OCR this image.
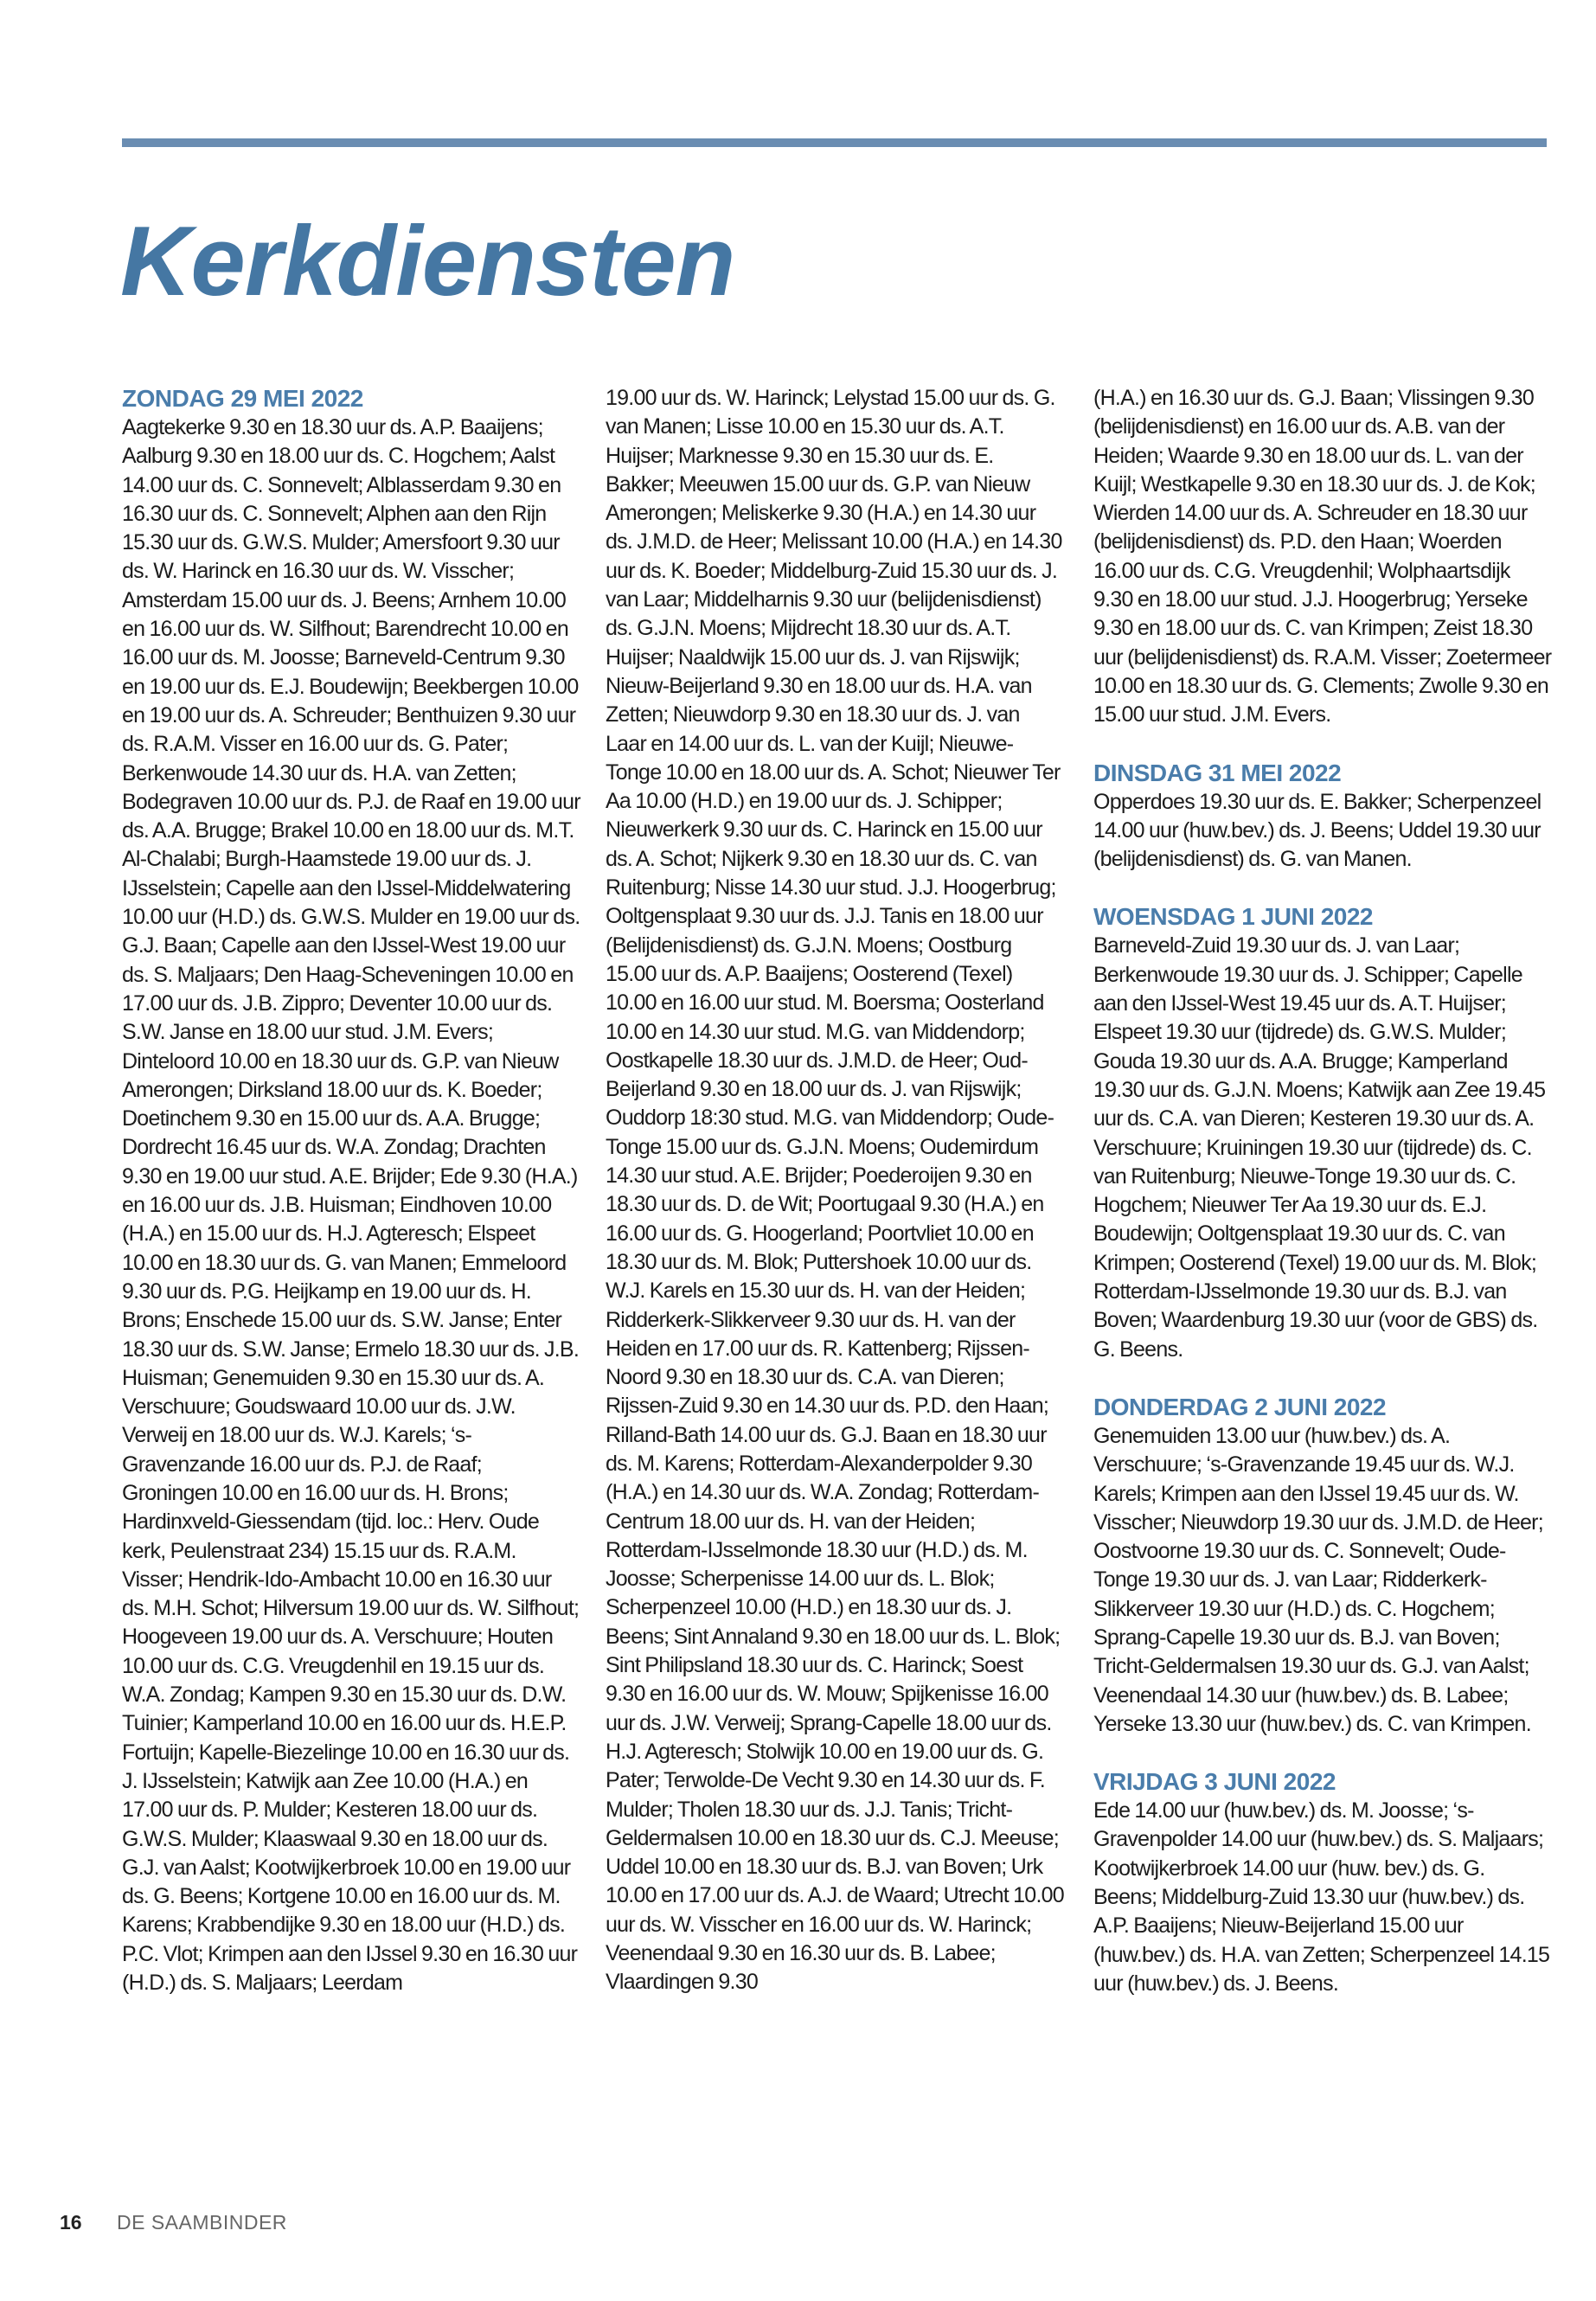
Kerkdiensten
ZONDAG 29 MEI 2022

Aagtekerke 9.30 en 18.30 uur ds. A.P. Baaijens; Aalburg 9.30 en 18.00 uur ds. C. Hogchem; Aalst 14.00 uur ds. C. Sonnevelt; Alblasserdam 9.30 en 16.30 uur ds. C. Sonnevelt; Alphen aan den Rijn 15.30 uur ds. G.W.S. Mulder; Amersfoort 9.30 uur ds. W. Harinck en 16.30 uur ds. W. Visscher; Amsterdam 15.00 uur ds. J. Beens; Arnhem 10.00 en 16.00 uur ds. W. Silfhout; Barendrecht 10.00 en 16.00 uur ds. M. Joosse; Barneveld-Centrum 9.30 en 19.00 uur ds. E.J. Boudewijn; Beekbergen 10.00 en 19.00 uur ds. A. Schreuder; Benthuizen 9.30 uur ds. R.A.M. Visser en 16.00 uur ds. G. Pater; Berkenwoude 14.30 uur ds. H.A. van Zetten; Bodegraven 10.00 uur ds. P.J. de Raaf en 19.00 uur ds. A.A. Brugge; Brakel 10.00 en 18.00 uur ds. M.T. Al-Chalabi; Burgh-Haamstede 19.00 uur ds. J. IJsselstein; Capelle aan den IJssel-Middelwatering 10.00 uur (H.D.) ds. G.W.S. Mulder en 19.00 uur ds. G.J. Baan; Capelle aan den IJssel-West 19.00 uur ds. S. Maljaars; Den Haag-Scheveningen 10.00 en 17.00 uur ds. J.B. Zippro; Deventer 10.00 uur ds. S.W. Janse en 18.00 uur stud. J.M. Evers; Dinteloord 10.00 en 18.30 uur ds. G.P. van Nieuw Amerongen; Dirksland 18.00 uur ds. K. Boeder; Doetinchem 9.30 en 15.00 uur ds. A.A. Brugge; Dordrecht 16.45 uur ds. W.A. Zondag; Drachten 9.30 en 19.00 uur stud. A.E. Brijder; Ede 9.30 (H.A.) en 16.00 uur ds. J.B. Huisman; Eindhoven 10.00 (H.A.) en 15.00 uur ds. H.J. Agteresch; Elspeet 10.00 en 18.30 uur ds. G. van Manen; Emmeloord 9.30 uur ds. P.G. Heijkamp en 19.00 uur ds. H. Brons; Enschede 15.00 uur ds. S.W. Janse; Enter 18.30 uur ds. S.W. Janse; Ermelo 18.30 uur ds. J.B. Huisman; Genemuiden 9.30 en 15.30 uur ds. A. Verschuure; Goudswaard 10.00 uur ds. J.W. Verweij en 18.00 uur ds. W.J. Karels; ‘s-Gravenzande 16.00 uur ds. P.J. de Raaf; Groningen 10.00 en 16.00 uur ds. H. Brons; Hardinxveld-Giessendam (tijd. loc.: Herv. Oude kerk, Peulenstraat 234) 15.15 uur ds. R.A.M. Visser; Hendrik-Ido-Ambacht 10.00 en 16.30 uur ds. M.H. Schot; Hilversum 19.00 uur ds. W. Silfhout; Hoogeveen 19.00 uur ds. A. Verschuure; Houten 10.00 uur ds. C.G. Vreugdenhil en 19.15 uur ds. W.A. Zondag; Kampen 9.30 en 15.30 uur ds. D.W. Tuinier; Kamperland 10.00 en 16.00 uur ds. H.E.P. Fortuijn; Kapelle-Biezelinge 10.00 en 16.30 uur ds. J. IJsselstein; Katwijk aan Zee 10.00 (H.A.) en 17.00 uur ds. P. Mulder; Kesteren 18.00 uur ds. G.W.S. Mulder; Klaaswaal 9.30 en 18.00 uur ds. G.J. van Aalst; Kootwijkerbroek 10.00 en 19.00 uur ds. G. Beens; Kortgene 10.00 en 16.00 uur ds. M. Karens; Krabbendijke 9.30 en 18.00 uur (H.D.) ds. P.C. Vlot; Krimpen aan den IJssel 9.30 en 16.30 uur (H.D.) ds. S. Maljaars; Leerdam

19.00 uur ds. W. Harinck; Lelystad 15.00 uur ds. G. van Manen; Lisse 10.00 en 15.30 uur ds. A.T. Huijser; Marknesse 9.30 en 15.30 uur ds. E. Bakker; Meeuwen 15.00 uur ds. G.P. van Nieuw Amerongen; Meliskerke 9.30 (H.A.) en 14.30 uur ds. J.M.D. de Heer; Melissant 10.00 (H.A.) en 14.30 uur ds. K. Boeder; Middelburg-Zuid 15.30 uur ds. J. van Laar; Middelharnis 9.30 uur (belijdenisdienst) ds. G.J.N. Moens; Mijdrecht 18.30 uur ds. A.T. Huijser; Naaldwijk 15.00 uur ds. J. van Rijswijk; Nieuw-Beijerland 9.30 en 18.00 uur ds. H.A. van Zetten; Nieuwdorp 9.30 en 18.30 uur ds. J. van Laar en 14.00 uur ds. L. van der Kuijl; Nieuwe-Tonge 10.00 en 18.00 uur ds. A. Schot; Nieuwer Ter Aa 10.00 (H.D.) en 19.00 uur ds. J. Schipper; Nieuwerkerk 9.30 uur ds. C. Harinck en 15.00 uur ds. A. Schot; Nijkerk 9.30 en 18.30 uur ds. C. van Ruitenburg; Nisse 14.30 uur stud. J.J. Hoogerbrug; Ooltgensplaat 9.30 uur ds. J.J. Tanis en 18.00 uur (Belijdenisdienst) ds. G.J.N. Moens; Oostburg 15.00 uur ds. A.P. Baaijens; Oosterend (Texel) 10.00 en 16.00 uur stud. M. Boersma; Oosterland 10.00 en 14.30 uur stud. M.G. van Middendorp; Oostkapelle 18.30 uur ds. J.M.D. de Heer; Oud-Beijerland 9.30 en 18.00 uur ds. J. van Rijswijk; Ouddorp 18:30 stud. M.G. van Middendorp; Oude-Tonge 15.00 uur ds. G.J.N. Moens; Oudemirdum 14.30 uur stud. A.E. Brijder; Poederoijen 9.30 en 18.30 uur ds. D. de Wit; Poortugaal 9.30 (H.A.) en 16.00 uur ds. G. Hoogerland; Poortvliet 10.00 en 18.30 uur ds. M. Blok; Puttershoek 10.00 uur ds. W.J. Karels en 15.30 uur ds. H. van der Heiden; Ridderkerk-Slikkerveer 9.30 uur ds. H. van der Heiden en 17.00 uur ds. R. Kattenberg; Rijssen-Noord 9.30 en 18.30 uur ds. C.A. van Dieren; Rijssen-Zuid 9.30 en 14.30 uur ds. P.D. den Haan; Rilland-Bath 14.00 uur ds. G.J. Baan en 18.30 uur ds. M. Karens; Rotterdam-Alexanderpolder 9.30 (H.A.) en 14.30 uur ds. W.A. Zondag; Rotterdam-Centrum 18.00 uur ds. H. van der Heiden; Rotterdam-IJsselmonde 18.30 uur (H.D.) ds. M. Joosse; Scherpenisse 14.00 uur ds. L. Blok; Scherpenzeel 10.00 (H.D.) en 18.30 uur ds. J. Beens; Sint Annaland 9.30 en 18.00 uur ds. L. Blok; Sint Philipsland 18.30 uur ds. C. Harinck; Soest 9.30 en 16.00 uur ds. W. Mouw; Spijkenisse 16.00 uur ds. J.W. Verweij; Sprang-Capelle 18.00 uur ds. H.J. Agteresch; Stolwijk 10.00 en 19.00 uur ds. G. Pater; Terwolde-De Vecht 9.30 en 14.30 uur ds. F. Mulder; Tholen 18.30 uur ds. J.J. Tanis; Tricht-Geldermalsen 10.00 en 18.30 uur ds. C.J. Meeuse; Uddel 10.00 en 18.30 uur ds. B.J. van Boven; Urk 10.00 en 17.00 uur ds. A.J. de Waard; Utrecht 10.00 uur ds. W. Visscher en 16.00 uur ds. W. Harinck; Veenendaal 9.30 en 16.30 uur ds. B. Labee; Vlaardingen 9.30

(H.A.) en 16.30 uur ds. G.J. Baan; Vlissingen 9.30 (belijdenisdienst) en 16.00 uur ds. A.B. van der Heiden; Waarde 9.30 en 18.00 uur ds. L. van der Kuijl; Westkapelle 9.30 en 18.30 uur ds. J. de Kok; Wierden 14.00 uur ds. A. Schreuder en 18.30 uur (belijdenisdienst) ds. P.D. den Haan; Woerden 16.00 uur ds. C.G. Vreugdenhil; Wolphaartsdijk 9.30 en 18.00 uur stud. J.J. Hoogerbrug; Yerseke 9.30 en 18.00 uur ds. C. van Krimpen; Zeist 18.30 uur (belijdenisdienst) ds. R.A.M. Visser; Zoetermeer 10.00 en 18.30 uur ds. G. Clements; Zwolle 9.30 en 15.00 uur stud. J.M. Evers.

DINSDAG 31 MEI 2022

Opperdoes 19.30 uur ds. E. Bakker; Scherpenzeel 14.00 uur (huw.bev.) ds. J. Beens; Uddel 19.30 uur (belijdenisdienst) ds. G. van Manen.

WOENSDAG 1 JUNI 2022

Barneveld-Zuid 19.30 uur ds. J. van Laar; Berkenwoude 19.30 uur ds. J. Schipper; Capelle aan den IJssel-West 19.45 uur ds. A.T. Huijser; Elspeet 19.30 uur (tijdrede) ds. G.W.S. Mulder; Gouda 19.30 uur ds. A.A. Brugge; Kamperland 19.30 uur ds. G.J.N. Moens; Katwijk aan Zee 19.45 uur ds. C.A. van Dieren; Kesteren 19.30 uur ds. A. Verschuure; Kruiningen 19.30 uur (tijdrede) ds. C. van Ruitenburg; Nieuwe-Tonge 19.30 uur ds. C. Hogchem; Nieuwer Ter Aa 19.30 uur ds. E.J. Boudewijn; Ooltgensplaat 19.30 uur ds. C. van Krimpen; Oosterend (Texel) 19.00 uur ds. M. Blok; Rotterdam-IJsselmonde 19.30 uur ds. B.J. van Boven; Waardenburg 19.30 uur (voor de GBS) ds. G. Beens.

DONDERDAG 2 JUNI 2022

Genemuiden 13.00 uur (huw.bev.) ds. A. Verschuure; ‘s-Gravenzande 19.45 uur ds. W.J. Karels; Krimpen aan den IJssel 19.45 uur ds. W. Visscher; Nieuwdorp 19.30 uur ds. J.M.D. de Heer; Oostvoorne 19.30 uur ds. C. Sonnevelt; Oude-Tonge 19.30 uur ds. J. van Laar; Ridderkerk-Slikkerveer 19.30 uur (H.D.) ds. C. Hogchem; Sprang-Capelle 19.30 uur ds. B.J. van Boven; Tricht-Geldermalsen 19.30 uur ds. G.J. van Aalst; Veenendaal 14.30 uur (huw.bev.) ds. B. Labee; Yerseke 13.30 uur (huw.bev.) ds. C. van Krimpen.

VRIJDAG 3 JUNI 2022

Ede 14.00 uur (huw.bev.) ds. M. Joosse; ‘s-Gravenpolder 14.00 uur (huw.bev.) ds. S. Maljaars; Kootwijkerbroek 14.00 uur (huw. bev.) ds. G. Beens; Middelburg-Zuid 13.30 uur (huw.bev.) ds. A.P. Baaijens; Nieuw-Beijerland 15.00 uur (huw.bev.) ds. H.A. van Zetten; Scherpenzeel 14.15 uur (huw.bev.) ds. J. Beens.

16 DE SAAMBINDER
